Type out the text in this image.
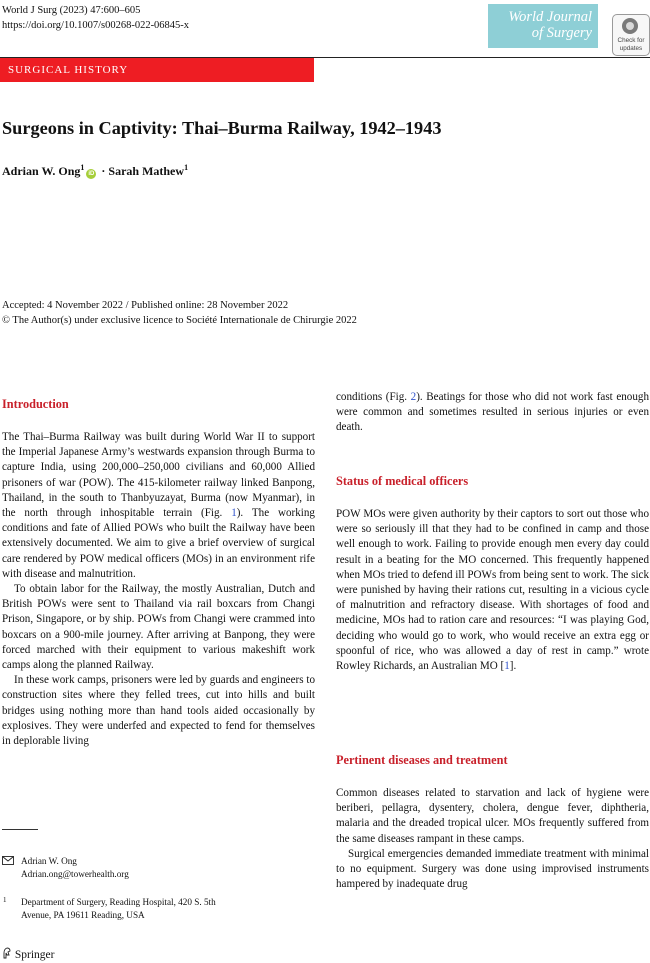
World J Surg (2023) 47:600–605
https://doi.org/10.1007/s00268-022-06845-x
World Journal
of Surgery	Check for
updates
SURGICAL HISTORY
Surgeons in Captivity: Thai–Burma Railway, 1942–1943
Adrian W. Ong$^1$iD · Sarah Mathew$^1$
Accepted: 4 November 2022 / Published online: 28 November 2022
© The Author(s) under exclusive licence to Société Internationale de Chirurgie 2022
Introduction

The Thai–Burma Railway was built during World War II to support the Imperial Japanese Army’s westwards expansion through Burma to capture India, using 200,000–250,000 civilians and 60,000 Allied prisoners of war (POW). The 415-kilometer railway linked Banpong, Thailand, in the south to Thanbyuzayat, Burma (now Myanmar), in the north through inhospitable terrain (Fig. 1). The working conditions and fate of Allied POWs who built the Railway have been extensively documented. We aim to give a brief overview of surgical care rendered by POW medical officers (MOs) in an environment rife with disease and malnutrition.

To obtain labor for the Railway, the mostly Australian, Dutch and British POWs were sent to Thailand via rail boxcars from Changi Prison, Singapore, or by ship. POWs from Changi were crammed into boxcars on a 900-mile journey. After arriving at Banpong, they were forced marched with their equipment to various makeshift work camps along the planned Railway.

In these work camps, prisoners were led by guards and engineers to construction sites where they felled trees, cut into hills and built bridges using nothing more than hand tools aided occasionally by explosives. They were underfed and expected to fend for themselves in deplorable living

conditions (Fig. 2). Beatings for those who did not work fast enough were common and sometimes resulted in serious injuries or even death.

Status of medical officers

POW MOs were given authority by their captors to sort out those who were so seriously ill that they had to be confined in camp and those well enough to work. Failing to provide enough men every day could result in a beating for the MO concerned. This frequently happened when MOs tried to defend ill POWs from being sent to work. The sick were punished by having their rations cut, resulting in a vicious cycle of malnutrition and refractory disease. With shortages of food and medicine, MOs had to ration care and resources: “I was playing God, deciding who would go to work, who would receive an extra egg or spoonful of rice, who was allowed a day of rest in camp.” wrote Rowley Richards, an Australian MO [1].

Pertinent diseases and treatment

Common diseases related to starvation and lack of hygiene were beriberi, pellagra, dysentery, cholera, dengue fever, diphtheria, malaria and the dreaded tropical ulcer. MOs frequently suffered from the same diseases rampant in these camps.

Surgical emergencies demanded immediate treatment with minimal to no equipment. Surgery was done using improvised instruments hampered by inadequate drug

Adrian W. Ong
Adrian.ong@towerhealth.org
1 Department of Surgery, Reading Hospital, 420 S. 5th
Avenue, PA 19611 Reading, USA
Springer
